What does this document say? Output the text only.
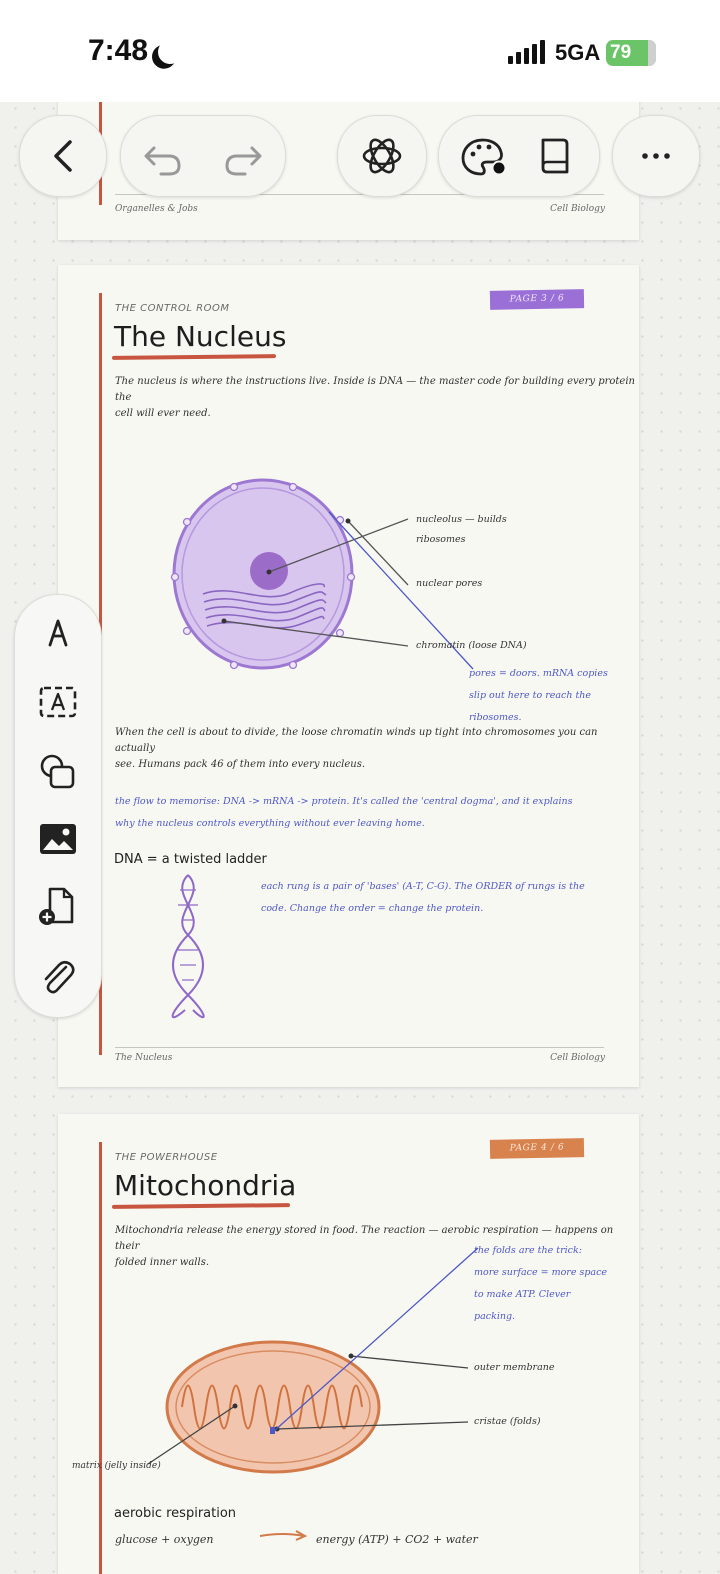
7:48	5GA 79
Organelles & Jobs	Cell Biology
PAGE 3 / 6
THE CONTROL ROOM
The Nucleus
The nucleus is where the instructions live. Inside is DNA — the master code for building every protein the
cell will ever need.
nucleolus — builds
ribosomes
nuclear pores
chromatin (loose DNA)
pores = doors. mRNA copies
slip out here to reach the
ribosomes.
When the cell is about to divide, the loose chromatin winds up tight into chromosomes you can actually
see. Humans pack 46 of them into every nucleus.
the flow to memorise: DNA -> mRNA -> protein. It's called the 'central dogma', and it explains
why the nucleus controls everything without ever leaving home.
DNA = a twisted ladder
each rung is a pair of 'bases' (A-T, C-G). The ORDER of rungs is the
code. Change the order = change the protein.
The Nucleus	Cell Biology
PAGE 4 / 6
THE POWERHOUSE
Mitochondria
Mitochondria release the energy stored in food. The reaction — aerobic respiration — happens on their
folded inner walls.
the folds are the trick:
more surface = more space
to make ATP. Clever
packing.
outer membrane
cristae (folds)
aerobic respiration
glucose + oxygen	energy (ATP) + CO2 + water
matrix (jelly inside)
